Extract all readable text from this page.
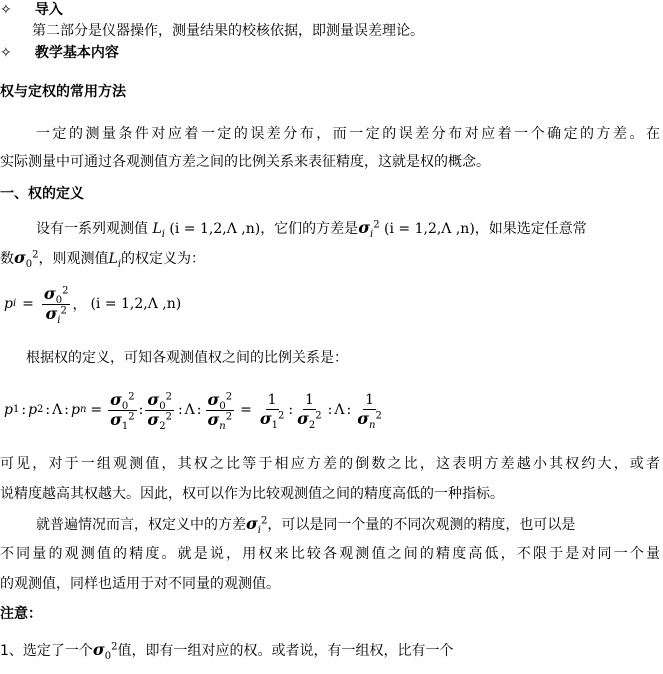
✧ 导入
第二部分是仪器操作，测量结果的校核依据，即测量误差理论。
✧ 教学基本内容
权与定权的常用方法
一定的测量条件对应着一定的误差分布，而一定的误差分布对应着一个确定的方差。在
实际测量中可通过各观测值方差之间的比例关系来表征精度，这就是权的概念。
一、权的定义
设有一系列观测值 $L_i$ (i = 1,2,Λ ,n)，它们的方差是$\sigma_i^2$ (i = 1,2,Λ ,n)，如果选定任意常
数$\sigma_0^2$，则观测值$L_i$的权定义为：
p $i = \frac{\sigma_0^2}{\sigma_i^2}$ ， (i = 1,2,Λ ,n)
根据权的定义，可知各观测值权之间的比例关系是：
p 1 : p 2 : Λ : p $n = \frac{\sigma_0^2}{\sigma_1^2}$ : $\frac{\sigma_0^2}{\sigma_2^2}$ : Λ : $\frac{\sigma_0^2}{\sigma_n^2} = \frac{1}{\sigma_1^2}$ : $\frac{1}{\sigma_2^2}$ : Λ : $\frac{1}{\sigma_n^2}$
可见，对于一组观测值，其权之比等于相应方差的倒数之比，这表明方差越小其权约大，或者
说精度越高其权越大。因此，权可以作为比较观测值之间的精度高低的一种指标。
就普遍情况而言，权定义中的方差$\sigma_i^2$，可以是同一个量的不同次观测的精度，也可以是
不同量的观测值的精度。就是说，用权来比较各观测值之间的精度高低，不限于是对同一个量
的观测值，同样也适用于对不同量的观测值。
注意：
1、选定了一个$\sigma_0^2$值，即有一组对应的权。或者说，有一组权，比有一个
